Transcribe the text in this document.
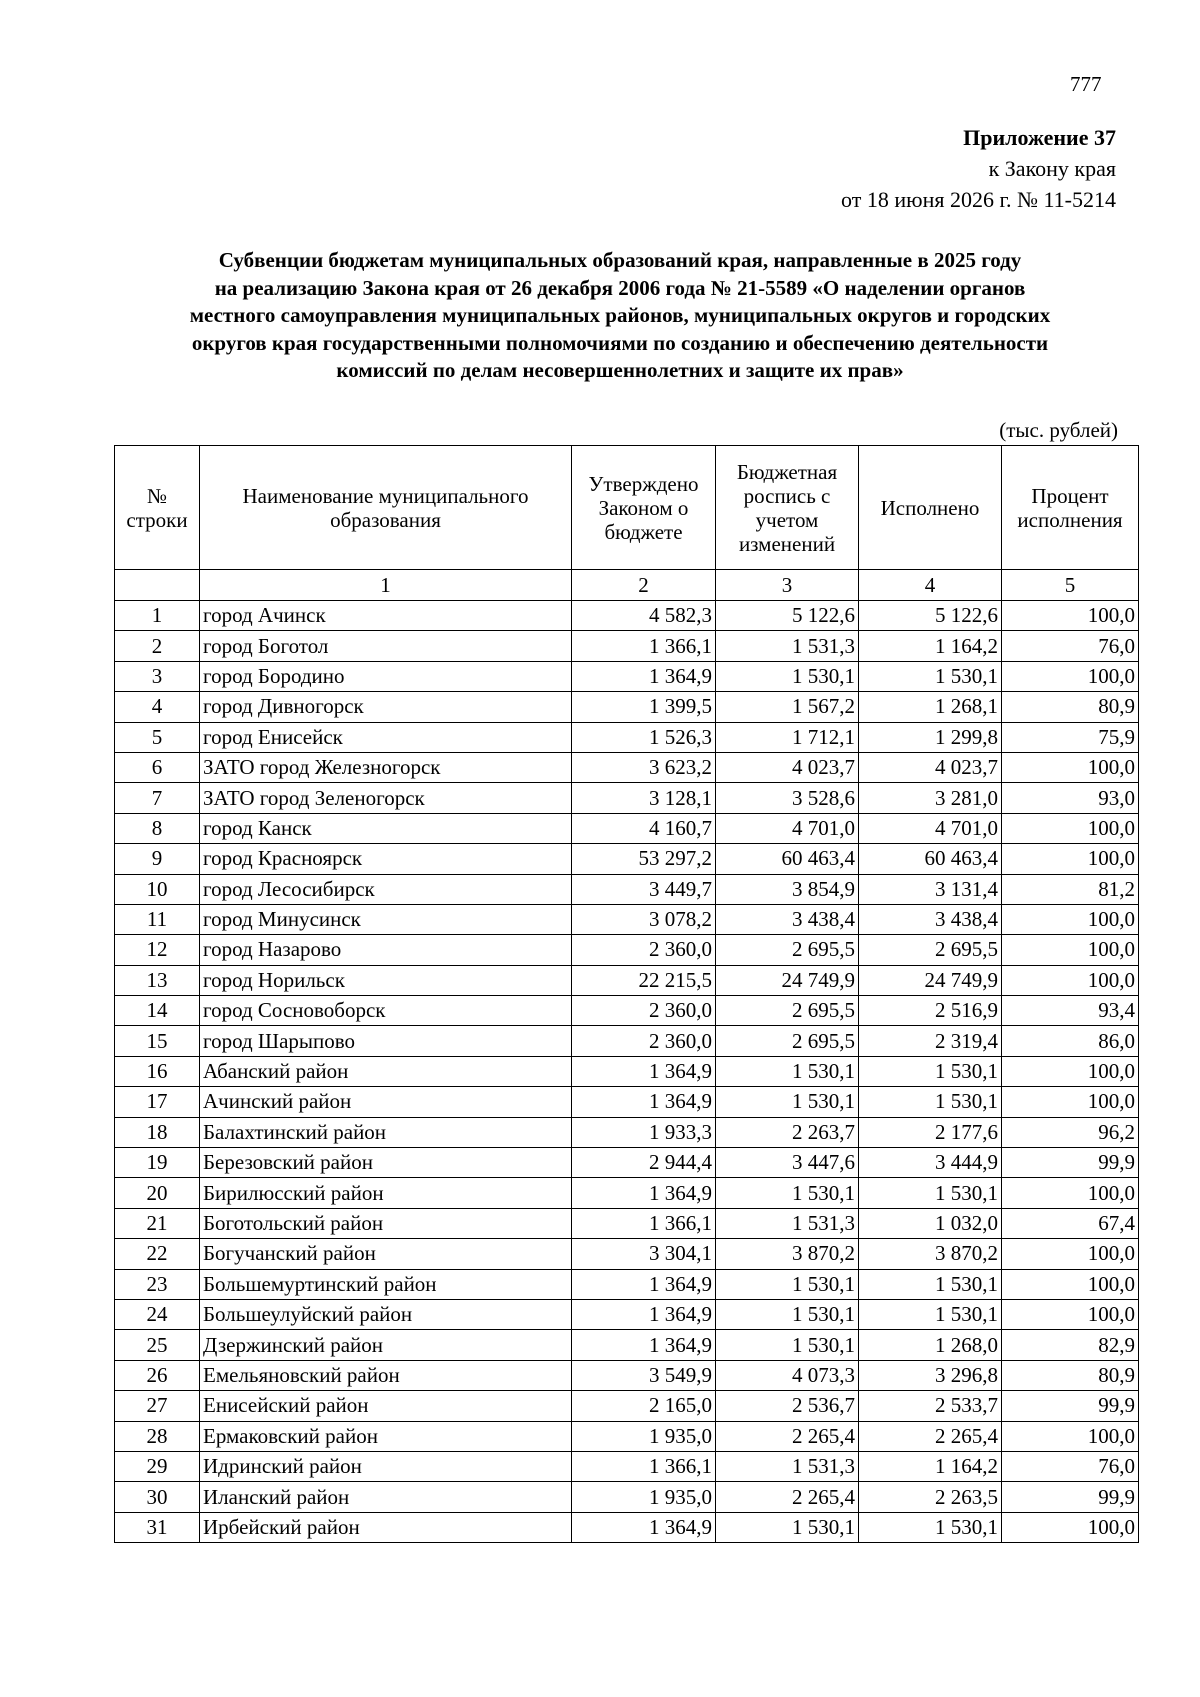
777
Приложение 37
к Закону края
от 18 июня 2026 г. № 11-5214
Субвенции бюджетам муниципальных образований края, направленные в 2025 году
на реализацию Закона края от 26 декабря 2006 года № 21-5589 «О наделении органов
местного самоуправления муниципальных районов, муниципальных округов и городских
округов края государственными полномочиями по созданию и обеспечению деятельности
комиссий по делам несовершеннолетних и защите их прав»
(тыс. рублей)
№ строки	Наименование муниципального образования	Утверждено Законом о бюджете	Бюджетная роспись с учетом изменений	Исполнено	Процент исполнения
	1	2	3	4	5
1	город Ачинск	4 582,3	5 122,6	5 122,6	100,0
2	город Боготол	1 366,1	1 531,3	1 164,2	76,0
3	город Бородино	1 364,9	1 530,1	1 530,1	100,0
4	город Дивногорск	1 399,5	1 567,2	1 268,1	80,9
5	город Енисейск	1 526,3	1 712,1	1 299,8	75,9
6	ЗАТО город Железногорск	3 623,2	4 023,7	4 023,7	100,0
7	ЗАТО город Зеленогорск	3 128,1	3 528,6	3 281,0	93,0
8	город Канск	4 160,7	4 701,0	4 701,0	100,0
9	город Красноярск	53 297,2	60 463,4	60 463,4	100,0
10	город Лесосибирск	3 449,7	3 854,9	3 131,4	81,2
11	город Минусинск	3 078,2	3 438,4	3 438,4	100,0
12	город Назарово	2 360,0	2 695,5	2 695,5	100,0
13	город Норильск	22 215,5	24 749,9	24 749,9	100,0
14	город Сосновоборск	2 360,0	2 695,5	2 516,9	93,4
15	город Шарыпово	2 360,0	2 695,5	2 319,4	86,0
16	Абанский район	1 364,9	1 530,1	1 530,1	100,0
17	Ачинский район	1 364,9	1 530,1	1 530,1	100,0
18	Балахтинский район	1 933,3	2 263,7	2 177,6	96,2
19	Березовский район	2 944,4	3 447,6	3 444,9	99,9
20	Бирилюсский район	1 364,9	1 530,1	1 530,1	100,0
21	Боготольский район	1 366,1	1 531,3	1 032,0	67,4
22	Богучанский район	3 304,1	3 870,2	3 870,2	100,0
23	Большемуртинский район	1 364,9	1 530,1	1 530,1	100,0
24	Большеулуйский район	1 364,9	1 530,1	1 530,1	100,0
25	Дзержинский район	1 364,9	1 530,1	1 268,0	82,9
26	Емельяновский район	3 549,9	4 073,3	3 296,8	80,9
27	Енисейский район	2 165,0	2 536,7	2 533,7	99,9
28	Ермаковский район	1 935,0	2 265,4	2 265,4	100,0
29	Идринский район	1 366,1	1 531,3	1 164,2	76,0
30	Иланский район	1 935,0	2 265,4	2 263,5	99,9
31	Ирбейский район	1 364,9	1 530,1	1 530,1	100,0
